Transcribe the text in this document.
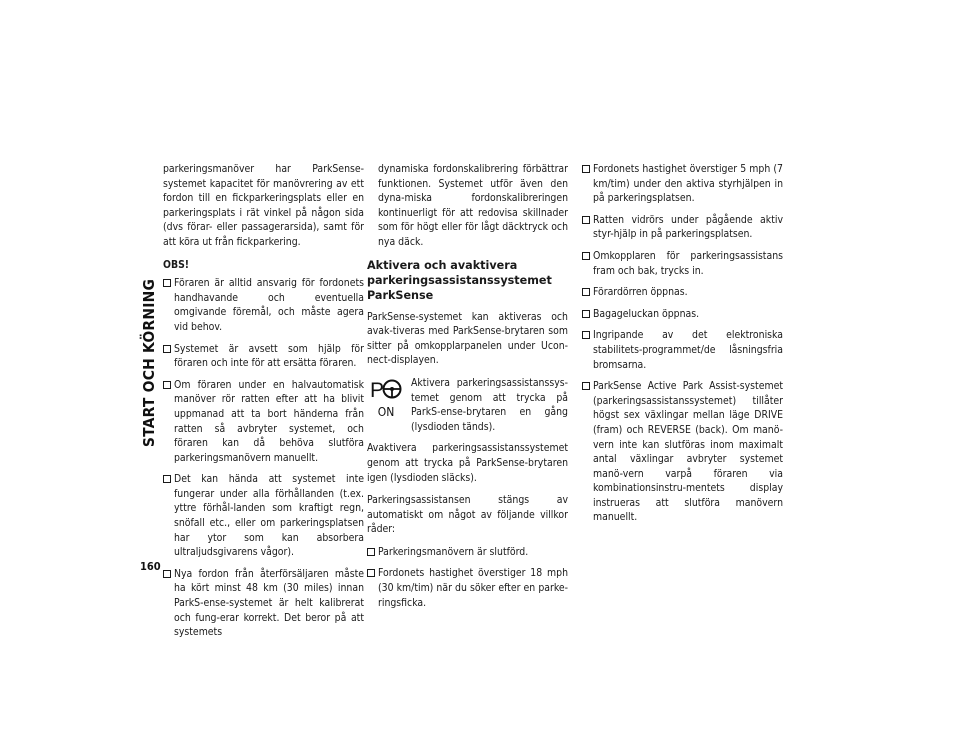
START OCH KÖRNING
160

parkeringsmanöver har ParkSense-systemet kapacitet för manövrering av ett fordon till en fickparkeringsplats eller en parkeringsplats i rät vinkel på någon sida (dvs förar- eller passagerarsida), samt för att köra ut från fickparkering.

OBS!

Föraren är alltid ansvarig för fordonets handhavande och eventuella omgivande föremål, och måste agera vid behov.
Systemet är avsett som hjälp för föraren och inte för att ersätta föraren.
Om föraren under en halvautomatisk manöver rör ratten efter att ha blivit uppmanad att ta bort händerna från ratten så avbryter systemet, och föraren kan då behöva slutföra parkeringsmanövern manuellt.
Det kan hända att systemet inte fungerar under alla förhållanden (t.ex. yttre förhål-landen som kraftigt regn, snöfall etc., eller om parkeringsplatsen har ytor som kan absorbera ultraljudsgivarens vågor).
Nya fordon från återförsäljaren måste ha kört minst 48 km (30 miles) innan ParkS-ense-systemet är helt kalibrerat och fung-erar korrekt. Det beror på att systemets

dynamiska fordonskalibrering förbättrar funktionen. Systemet utför även den dyna-miska fordonskalibreringen kontinuerligt för att redovisa skillnader som för högt eller för lågt däcktryck och nya däck.

Aktivera och avaktivera parkeringsassistanssystemet ParkSense

ParkSense-systemet kan aktiveras och avak-tiveras med ParkSense-brytaren som sitter på omkopplarpanelen under Ucon-nect-displayen.

P
ON

Aktivera parkeringsassistanssys-temet genom att trycka på ParkS-ense-brytaren en gång (lysdioden tänds).

Avaktivera parkeringsassistanssystemet genom att trycka på ParkSense-brytaren igen (lysdioden släcks).

Parkeringsassistansen stängs av automatiskt om något av följande villkor råder:

Parkeringsmanövern är slutförd.
Fordonets hastighet överstiger 18 mph (30 km/tim) när du söker efter en parke-ringsficka.
Fordonets hastighet överstiger 5 mph (7 km/tim) under den aktiva styrhjälpen in på parkeringsplatsen.
Ratten vidrörs under pågående aktiv styr-hjälp in på parkeringsplatsen.
Omkopplaren för parkeringsassistans fram och bak, trycks in.
Förardörren öppnas.
Bagageluckan öppnas.
Ingripande av det elektroniska stabilitets-programmet/de låsningsfria bromsarna.
ParkSense Active Park Assist-systemet (parkeringsassistanssystemet) tillåter högst sex växlingar mellan läge DRIVE (fram) och REVERSE (back). Om manö-vern inte kan slutföras inom maximalt antal växlingar avbryter systemet manö-vern varpå föraren via kombinationsinstru-mentets display instrueras att slutföra manövern manuellt.
